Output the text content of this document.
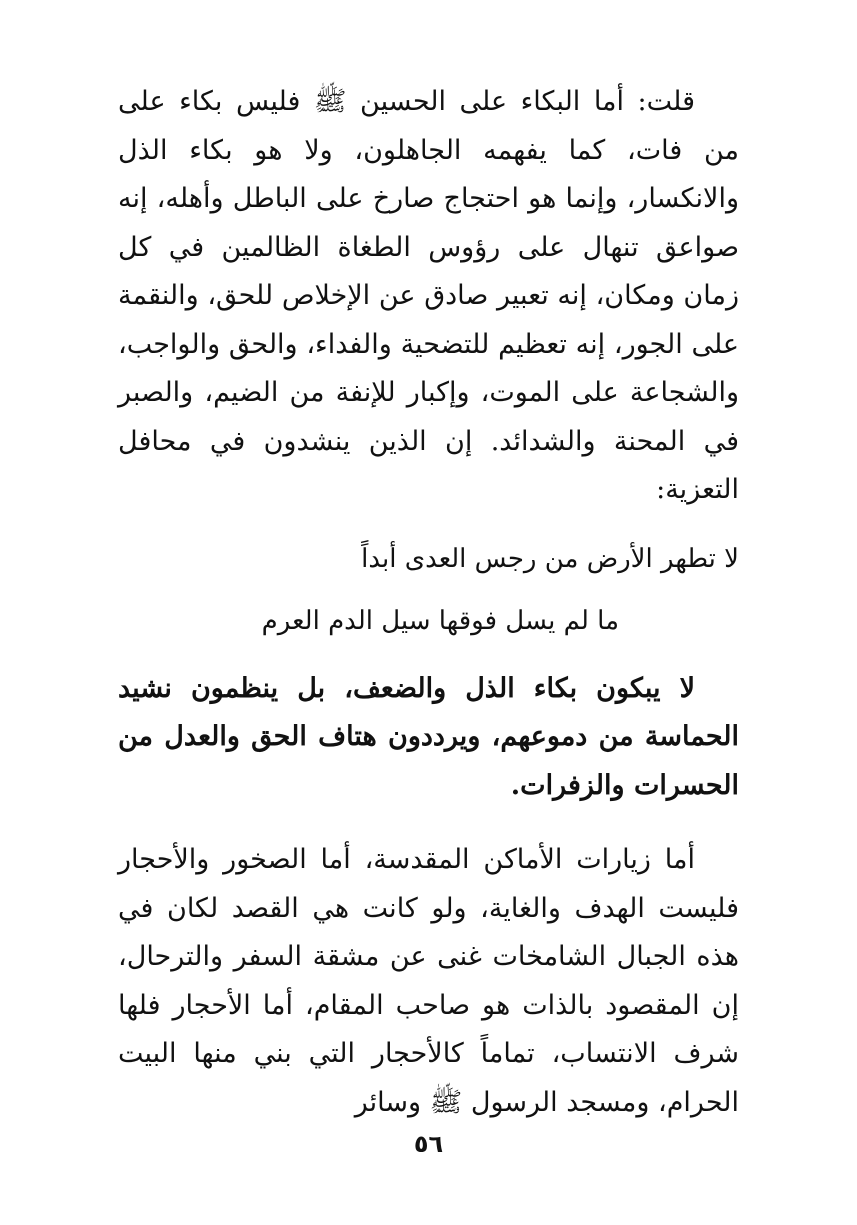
قلت: أما البكاء على الحسين ﷺ فليس بكاء على من فات، كما يفهمه الجاهلون، ولا هو بكاء الذل والانكسار، وإنما هو احتجاج صارخ على الباطل وأهله، إنه صواعق تنهال على رؤوس الطغاة الظالمين في كل زمان ومكان، إنه تعبير صادق عن الإخلاص للحق، والنقمة على الجور، إنه تعظيم للتضحية والفداء، والحق والواجب، والشجاعة على الموت، وإكبار للإنفة من الضيم، والصبر في المحنة والشدائد. إن الذين ينشدون في محافل التعزية:

لا تطهر الأرض من رجس العدى أبداً

ما لم يسل فوقها سيل الدم العرم

لا يبكون بكاء الذل والضعف، بل ينظمون نشيد الحماسة من دموعهم، ويرددون هتاف الحق والعدل من الحسرات والزفرات.

أما زيارات الأماكن المقدسة، أما الصخور والأحجار فليست الهدف والغاية، ولو كانت هي القصد لكان في هذه الجبال الشامخات غنى عن مشقة السفر والترحال، إن المقصود بالذات هو صاحب المقام، أما الأحجار فلها شرف الانتساب، تماماً كالأحجار التي بني منها البيت الحرام، ومسجد الرسول ﷺ وسائر

٥٦
